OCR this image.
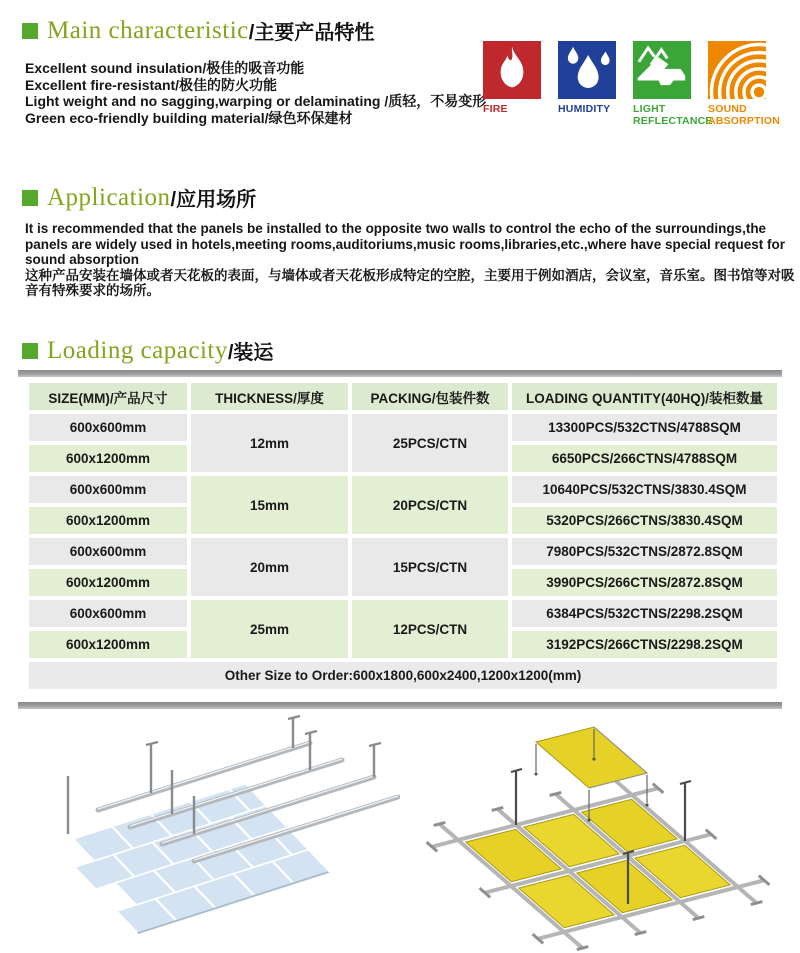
Main characteristic /主要产品特性
Excellent sound insulation/极佳的吸音功能
Excellent fire-resistant/极佳的防火功能
Light weight and no sagging,warping or delaminating /质轻，不易变形
Green eco-friendly building material/绿色环保建材
FIRE	HUMIDITY	LIGHT REFLECTANCE
SOUND ABSORPTION
Application /应用场所
It is recommended that the panels be installed to the opposite two walls to control the echo of the surroundings,the panels are widely used in hotels,meeting rooms,auditoriums,music rooms,libraries,etc.,where have special request for sound absorption
这种产品安装在墙体或者天花板的表面，与墙体或者天花板形成特定的空腔，主要用于例如酒店，会议室，音乐室。图书馆等对吸音有特殊要求的场所。
Loading capacity /装运
SIZE(MM)/产品尺寸	THICKNESS/厚度	PACKING/包装件数	LOADING QUANTITY(40HQ)/装柜数量
600x600mm	12mm	25PCS/CTN	13300PCS/532CTNS/4788SQM
600x1200mm			6650PCS/266CTNS/4788SQM
600x600mm	15mm	20PCS/CTN	10640PCS/532CTNS/3830.4SQM
600x1200mm			5320PCS/266CTNS/3830.4SQM
600x600mm	20mm	15PCS/CTN	7980PCS/532CTNS/2872.8SQM
600x1200mm			3990PCS/266CTNS/2872.8SQM
600x600mm	25mm	12PCS/CTN	6384PCS/532CTNS/2298.2SQM
600x1200mm			3192PCS/266CTNS/2298.2SQM
Other Size to Order:600x1800,600x2400,1200x1200(mm)			
